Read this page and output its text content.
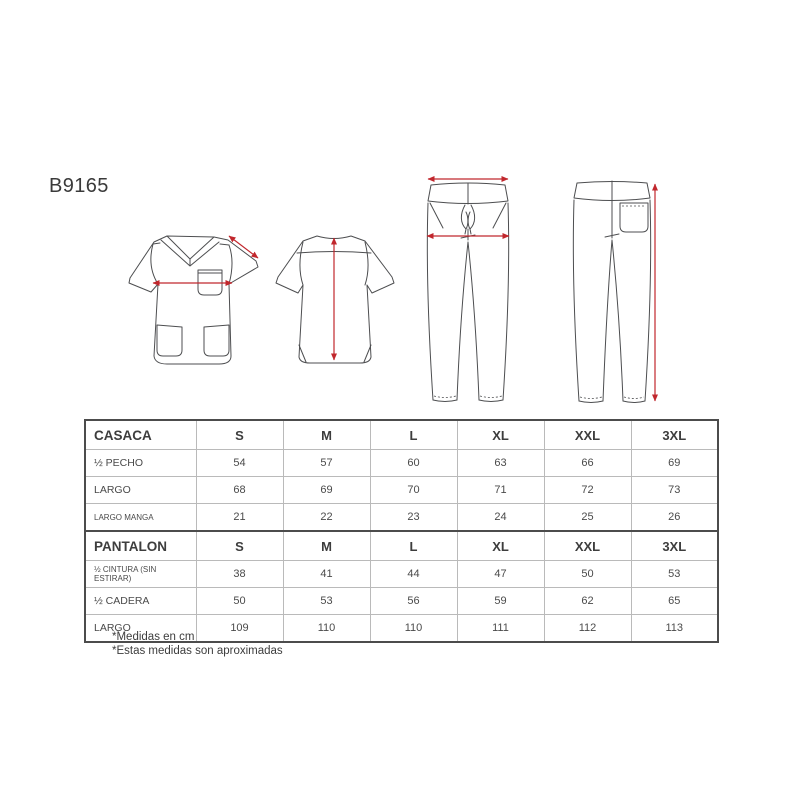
B9165
CASACA	S	M	L	XL	XXL	3XL
½ PECHO	54	57	60	63	66	69
LARGO	68	69	70	71	72	73
LARGO MANGA	21	22	23	24	25	26
PANTALON	S	M	L	XL	XXL	3XL
½ CINTURA (SIN ESTIRAR)	38	41	44	47	50	53
½ CADERA	50	53	56	59	62	65
LARGO	109	110	110	111	112	113
*Medidas en cm
*Estas medidas son aproximadas
